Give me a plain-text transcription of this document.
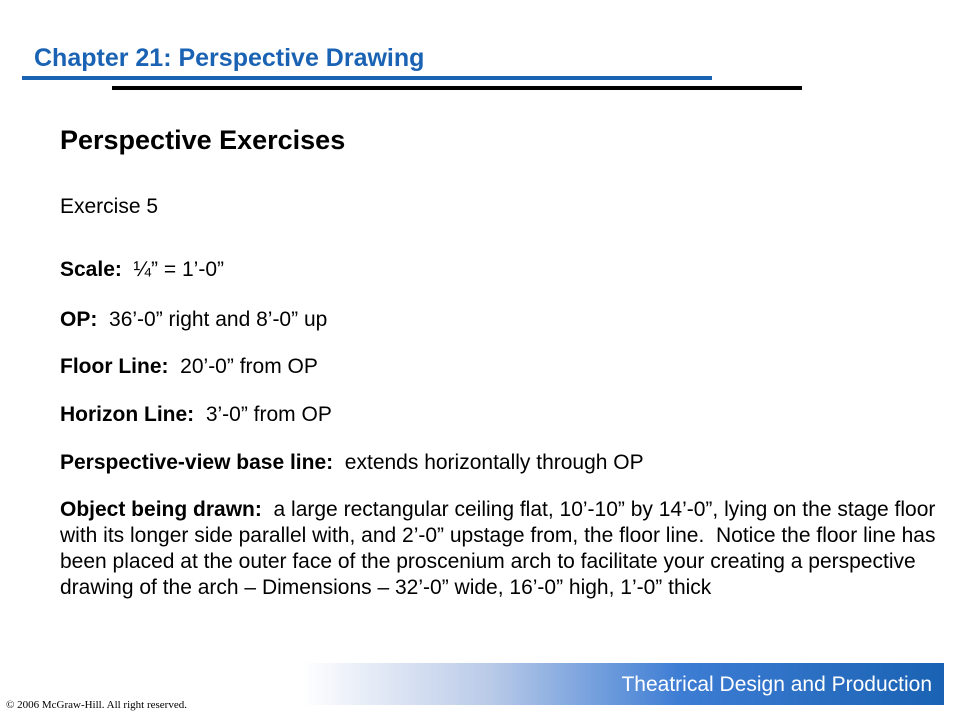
Chapter 21: Perspective Drawing
Perspective Exercises
Exercise 5
Scale:  ¼” = 1’-0”
OP:  36’-0” right and 8’-0” up
Floor Line:  20’-0” from OP
Horizon Line:  3’-0” from OP
Perspective-view base line:  extends horizontally through OP
Object being drawn:  a large rectangular ceiling flat, 10’-10” by 14’-0”, lying on the stage floor with its longer side parallel with, and 2’-0” upstage from, the floor line.  Notice the floor line has been placed at the outer face of the proscenium arch to facilitate your creating a perspective drawing of the arch – Dimensions – 32’-0” wide, 16’-0” high, 1’-0” thick
Theatrical Design and Production
© 2006 McGraw-Hill. All right reserved.
